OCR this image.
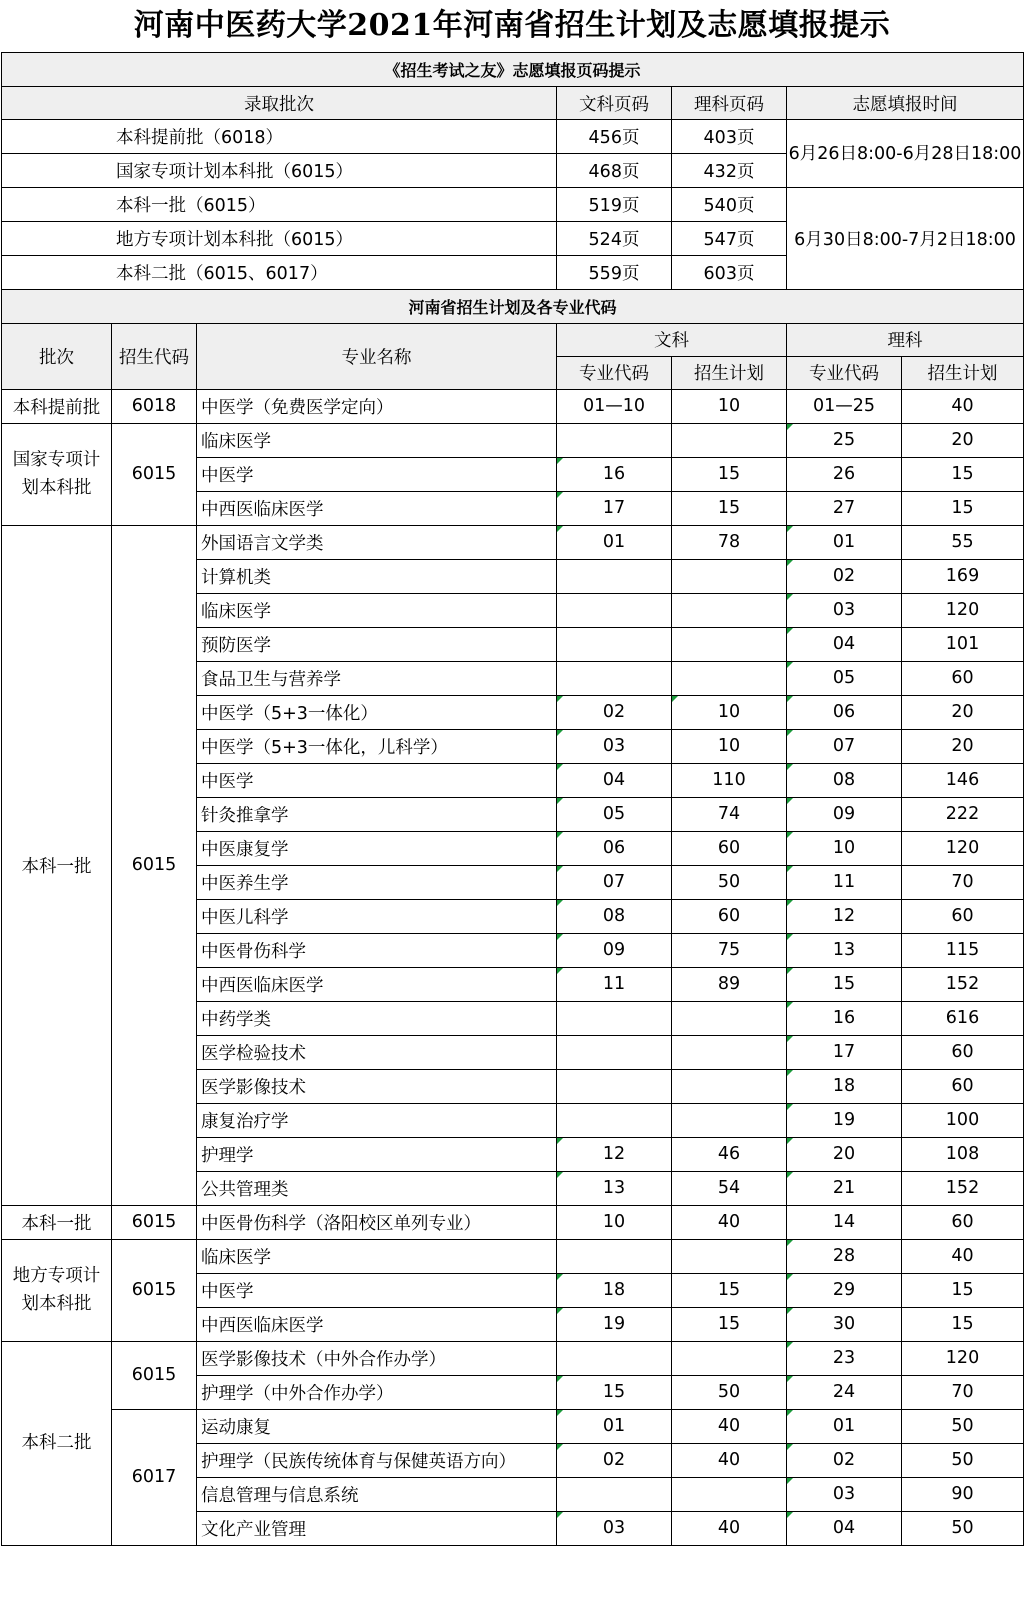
河南中医药大学2021年河南省招生计划及志愿填报提示
《招生考试之友》志愿填报页码提示				
录取批次		文科页码	理科页码	志愿填报时间
	本科提前批（6018）	456页	403页	6月26日8:00-6月28日18:00
	国家专项计划本科批（6015）	468页	432页	
	本科一批（6015）	519页	540页	6月30日8:00-7月2日18:00
	地方专项计划本科批（6015）	524页	547页	
	本科二批（6015、6017）	559页	603页	
河南省招生计划及各专业代码						
批次	招生代码	专业名称	文科		理科	
			专业代码	招生计划	专业代码	招生计划
本科提前批	6018	中医学（免费医学定向）	01—10	10	01—25	40
国家专项计划本科批	6015	临床医学			25	20
		中医学	16	15	26	15
		中西医临床医学	17	15	27	15
本科一批	6015	外国语言文学类	01	78	01	55
		计算机类			02	169
		临床医学			03	120
		预防医学			04	101
		食品卫生与营养学			05	60
		中医学（5+3一体化）	02	10	06	20
		中医学（5+3一体化，儿科学）	03	10	07	20
		中医学	04	110	08	146
		针灸推拿学	05	74	09	222
		中医康复学	06	60	10	120
		中医养生学	07	50	11	70
		中医儿科学	08	60	12	60
		中医骨伤科学	09	75	13	115
		中西医临床医学	11	89	15	152
		中药学类			16	616
		医学检验技术			17	60
		医学影像技术			18	60
		康复治疗学			19	100
		护理学	12	46	20	108
		公共管理类	13	54	21	152
本科一批	6015	中医骨伤科学（洛阳校区单列专业）	10	40	14	60
地方专项计划本科批	6015	临床医学			28	40
		中医学	18	15	29	15
		中西医临床医学	19	15	30	15
本科二批	6015	医学影像技术（中外合作办学）			23	120
		护理学（中外合作办学）	15	50	24	70
	6017	运动康复	01	40	01	50
		护理学（民族传统体育与保健英语方向）	02	40	02	50
		信息管理与信息系统			03	90
		文化产业管理	03	40	04	50
